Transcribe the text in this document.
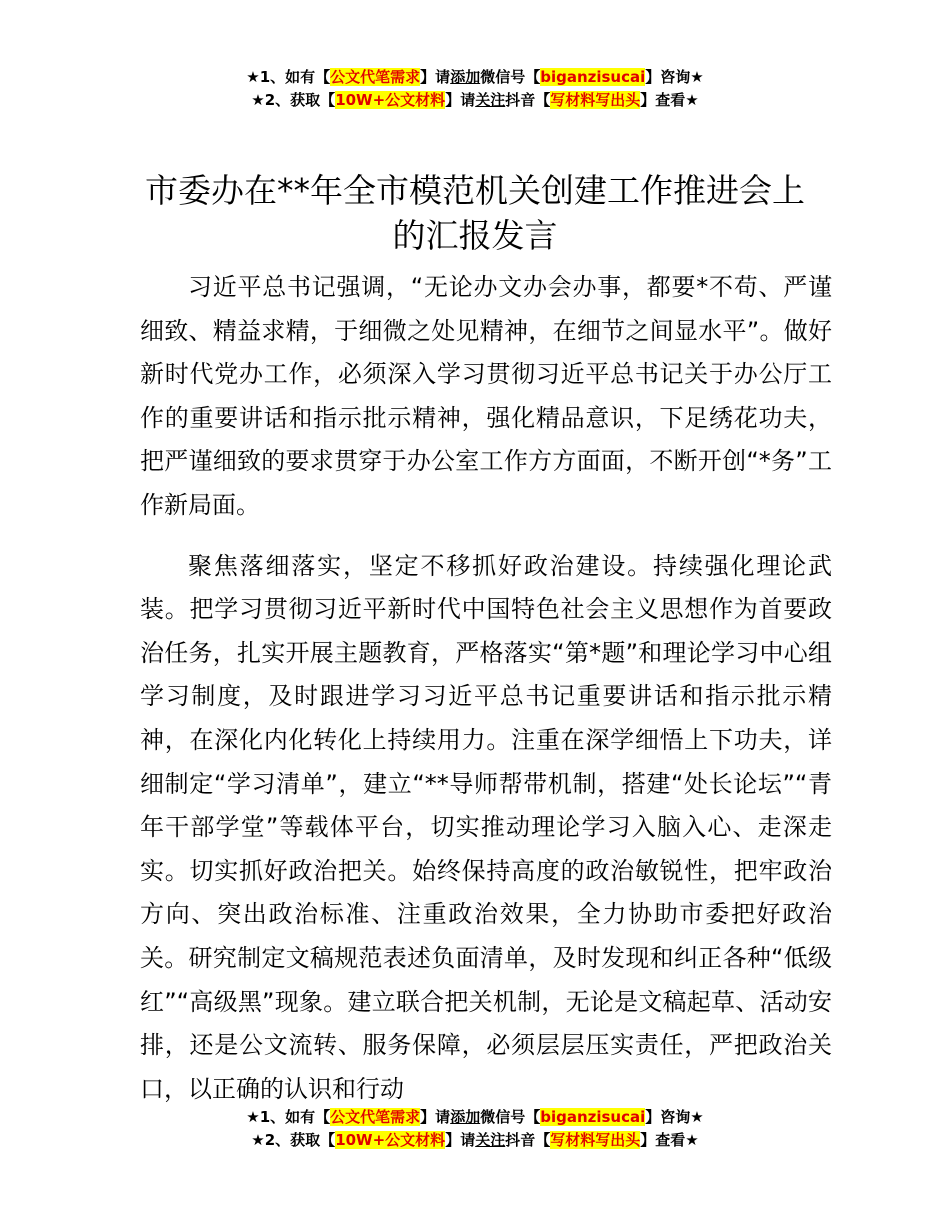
★1、如有【公文代笔需求】请添加微信号【biganzisucai】咨询★
★2、获取【10W+公文材料】请关注抖音【写材料写出头】查看★
市委办在**年全市模范机关创建工作推进会上
的汇报发言

习近平总书记强调，“无论办文办会办事，都要*不苟、严谨细致、精益求精，于细微之处见精神，在细节之间显水平”。做好新时代党办工作，必须深入学习贯彻习近平总书记关于办公厅工作的重要讲话和指示批示精神，强化精品意识，下足绣花功夫，把严谨细致的要求贯穿于办公室工作方方面面，不断开创“*务”工作新局面。

聚焦落细落实，坚定不移抓好政治建设。持续强化理论武装。把学习贯彻习近平新时代中国特色社会主义思想作为首要政治任务，扎实开展主题教育，严格落实“第*题”和理论学习中心组学习制度，及时跟进学习习近平总书记重要讲话和指示批示精神，在深化内化转化上持续用力。注重在深学细悟上下功夫，详细制定“学习清单”，建立“**导师帮带机制，搭建“处长论坛”“青年干部学堂”等载体平台，切实推动理论学习入脑入心、走深走实。切实抓好政治把关。始终保持高度的政治敏锐性，把牢政治方向、突出政治标准、注重政治效果，全力协助市委把好政治关。研究制定文稿规范表述负面清单，及时发现和纠正各种“低级红”“高级黑”现象。建立联合把关机制，无论是文稿起草、活动安排，还是公文流转、服务保障，必须层层压实责任，严把政治关口，以正确的认识和行动

★1、如有【公文代笔需求】请添加微信号【biganzisucai】咨询★
★2、获取【10W+公文材料】请关注抖音【写材料写出头】查看★
